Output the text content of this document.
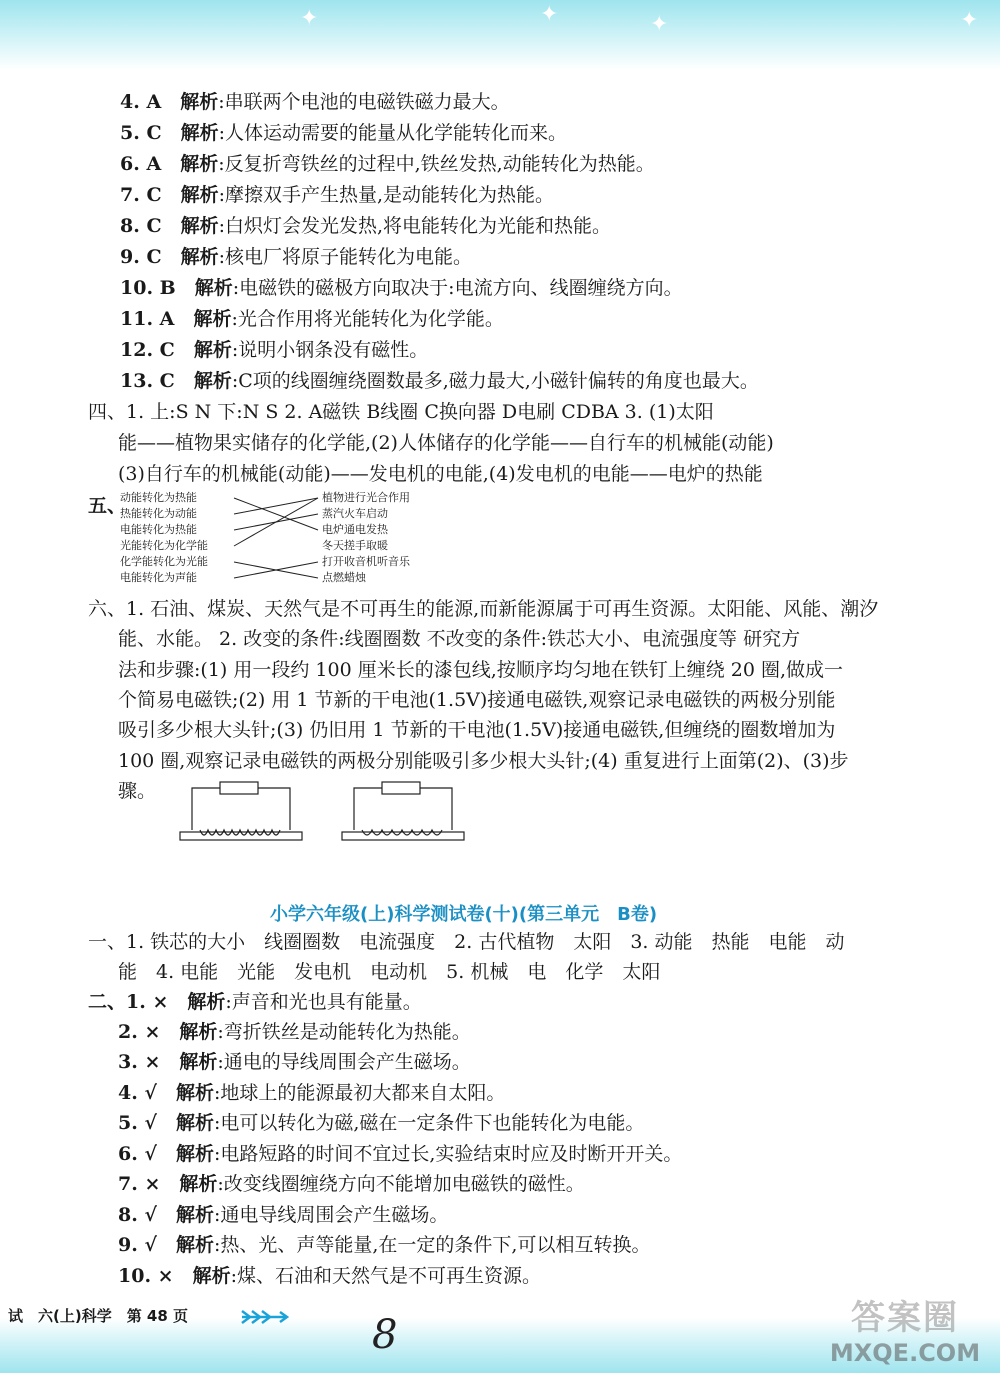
✦	✦	✦	✦
4. A　 解析:串联两个电池的电磁铁磁力最大。
5. C　 解析:人体运动需要的能量从化学能转化而来。
6. A　 解析:反复折弯铁丝的过程中,铁丝发热,动能转化为热能。
7. C　 解析:摩擦双手产生热量,是动能转化为热能。
8. C　 解析:白炽灯会发光发热,将电能转化为光能和热能。
9. C　 解析:核电厂将原子能转化为电能。
10. B　 解析:电磁铁的磁极方向取决于:电流方向、线圈缠绕方向。
11. A　 解析:光合作用将光能转化为化学能。
12. C　 解析:说明小钢条没有磁性。
13. C　 解析:C项的线圈缠绕圈数最多,磁力最大,小磁针偏转的角度也最大。
四、1. 上:S N 下:N S 2. A磁铁 B线圈 C换向器 D电刷 CDBA 3. (1)太阳
能——植物果实储存的化学能,(2)人体储存的化学能——自行车的机械能(动能)
(3)自行车的机械能(动能)——发电机的电能,(4)发电机的电能——电炉的热能
五、
动能转化为热能
热能转化为动能
电能转化为热能
光能转化为化学能
化学能转化为光能
电能转化为声能
植物进行光合作用
蒸汽火车启动
电炉通电发热
冬天搓手取暖
打开收音机听音乐
点燃蜡烛
六、1. 石油、煤炭、天然气是不可再生的能源,而新能源属于可再生资源。太阳能、风能、潮汐
能、水能。 2. 改变的条件:线圈圈数 不改变的条件:铁芯大小、电流强度等 研究方
法和步骤:(1) 用一段约 100 厘米长的漆包线,按顺序均匀地在铁钉上缠绕 20 圈,做成一
个简易电磁铁;(2) 用 1 节新的干电池(1.5V)接通电磁铁,观察记录电磁铁的两极分别能
吸引多少根大头针;(3) 仍旧用 1 节新的干电池(1.5V)接通电磁铁,但缠绕的圈数增加为
100 圈,观察记录电磁铁的两极分别能吸引多少根大头针;(4) 重复进行上面第(2)、(3)步
骤。
小学六年级(上)科学测试卷(十)(第三单元　B卷)
一、1. 铁芯的大小　线圈圈数　电流强度　2. 古代植物　太阳　3. 动能　热能　电能　动
能　4. 电能　光能　发电机　电动机　5. 机械　电　化学　太阳
二、1. ×　 解析:声音和光也具有能量。
2. ×　 解析:弯折铁丝是动能转化为热能。
3. ×　 解析:通电的导线周围会产生磁场。
4. √　 解析:地球上的能源最初大都来自太阳。
5. √　 解析:电可以转化为磁,磁在一定条件下也能转化为电能。
6. √　 解析:电路短路的时间不宜过长,实验结束时应及时断开开关。
7. ×　 解析:改变线圈缠绕方向不能增加电磁铁的磁性。
8. √　 解析:通电导线周围会产生磁场。
9. √　 解析:热、光、声等能量,在一定的条件下,可以相互转换。
10. ×　 解析:煤、石油和天然气是不可再生资源。
试　六(上)科学　第 48 页	8	答案圈
MXQE.COM
